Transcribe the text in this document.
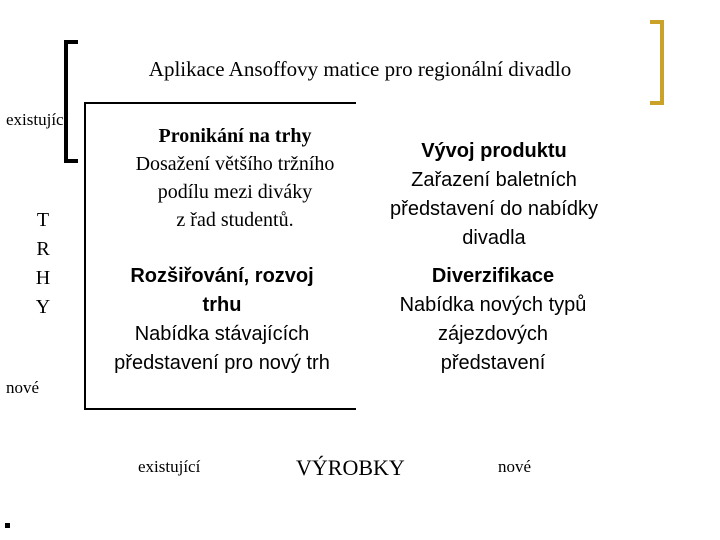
Aplikace Ansoffovy matice pro regionální divadlo
existující
T
R
H
Y
nové
Pronikání na trhy
Dosažení většího tržního
podílu mezi diváky
z řad studentů.
Vývoj produktu
Zařazení baletních
představení do nabídky
divadla
Rozšiřování, rozvoj
trhu
Nabídka stávajících
představení pro nový trh
Diverzifikace
Nabídka nových typů
zájezdových
představení
existující	VÝROBKY	nové
